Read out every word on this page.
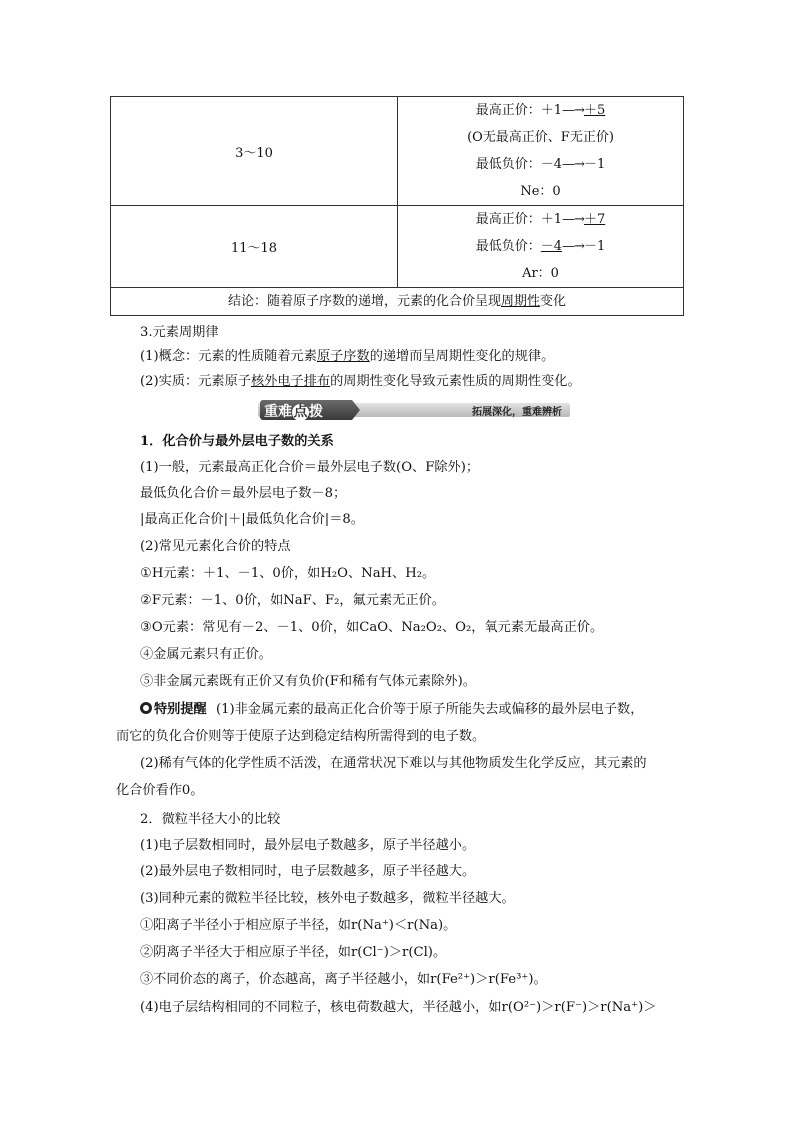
3～10	最高正价：＋1—→＋5
(O无最高正价、F无正价)
最低负价：－4—→－1
Ne：0

11～18	最高正价：＋1—→＋7
最低负价：－4—→－1
Ar：0

结论：随着原子序数的递增，元素的化合价呈现周期性变化	
3.元素周期律
(1)概念：元素的性质随着元素原子序数的递增而呈周期性变化的规律。
(2)实质：元素原子核外电子排布的周期性变化导致元素性质的周期性变化。
重难 点 拨	拓展深化，重难辨析
1．化合价与最外层电子数的关系
(1)一般，元素最高正化合价＝最外层电子数(O、F除外)；
最低负化合价＝最外层电子数－8；
|最高正化合价|＋|最低负化合价|＝8。
(2)常见元素化合价的特点
①H元素：＋1、－1、0价，如H₂O、NaH、H₂。
②F元素：－1、0价，如NaF、F₂，氟元素无正价。
③O元素：常见有－2、－1、0价，如CaO、Na₂O₂、O₂，氧元素无最高正价。
④金属元素只有正价。
⑤非金属元素既有正价又有负价(F和稀有气体元素除外)。
特别提醒 (1)非金属元素的最高正化合价等于原子所能失去或偏移的最外层电子数，
而它的负化合价则等于使原子达到稳定结构所需得到的电子数。
(2)稀有气体的化学性质不活泼，在通常状况下难以与其他物质发生化学反应，其元素的
化合价看作0。
2．微粒半径大小的比较
(1)电子层数相同时，最外层电子数越多，原子半径越小。
(2)最外层电子数相同时，电子层数越多，原子半径越大。
(3)同种元素的微粒半径比较，核外电子数越多，微粒半径越大。
①阳离子半径小于相应原子半径，如r(Na⁺)＜r(Na)。
②阴离子半径大于相应原子半径，如r(Cl⁻)＞r(Cl)。
③不同价态的离子，价态越高，离子半径越小，如r(Fe²⁺)＞r(Fe³⁺)。
(4)电子层结构相同的不同粒子，核电荷数越大，半径越小，如r(O²⁻)＞r(F⁻)＞r(Na⁺)＞
